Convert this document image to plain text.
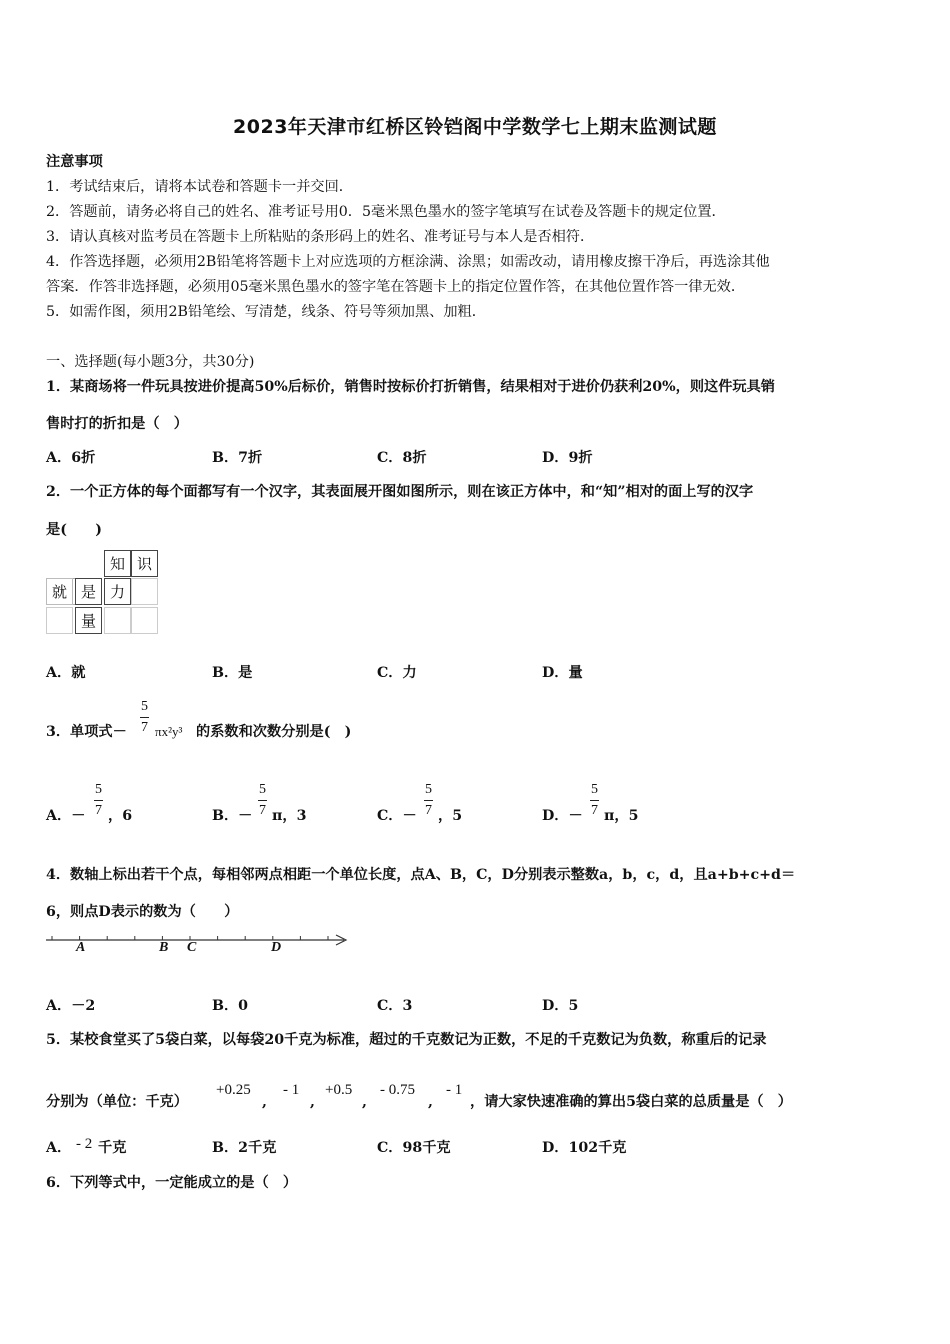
2023年天津市红桥区铃铛阁中学数学七上期末监测试题
注意事项
1．考试结束后，请将本试卷和答题卡一并交回．
2．答题前，请务必将自己的姓名、准考证号用0．5毫米黑色墨水的签字笔填写在试卷及答题卡的规定位置．
3．请认真核对监考员在答题卡上所粘贴的条形码上的姓名、准考证号与本人是否相符．
4．作答选择题，必须用2B铅笔将答题卡上对应选项的方框涂满、涂黑；如需改动，请用橡皮擦干净后，再选涂其他
答案．作答非选择题，必须用05毫米黑色墨水的签字笔在答题卡上的指定位置作答，在其他位置作答一律无效．
5．如需作图，须用2B铅笔绘、写清楚，线条、符号等须加黑、加粗．
一、选择题(每小题3分，共30分)
1．某商场将一件玩具按进价提高50%后标价，销售时按标价打折销售，结果相对于进价仍获利20%，则这件玩具销
售时打的折扣是（　）
A．6折	B．7折	C．8折	D．9折
2．一个正方体的每个面都写有一个汉字，其表面展开图如图所示，则在该正方体中，和“知”相对的面上写的汉字
是(　　)
知 识
就 是 力
量
A．就	B．是	C．力	D．量
3．单项式－
5
7 πx²y³ 的系数和次数分别是(　)
A．－
5
7 ，6	B．－
5
7 π，3	C．－
5
7 ，5	D．－
5
7 π，5
4．数轴上标出若干个点，每相邻两点相距一个单位长度，点A、B，C，D分别表示整数a，b，c，d，且a+b+c+d＝
6，则点D表示的数为（　　）
A	B C	D
A．－2	B．0	C．3	D．5
5．某校食堂买了5袋白菜，以每袋20千克为标准，超过的千克数记为正数，不足的千克数记为负数，称重后的记录
分别为（单位：千克）
+0.25
,
- 1
,
+0.5
,
- 0.75
,
- 1
，请大家快速准确的算出5袋白菜的总质量是（　）
A． - 2 千克	B．2千克	C．98千克	D．102千克
6．下列等式中，一定能成立的是（　）
